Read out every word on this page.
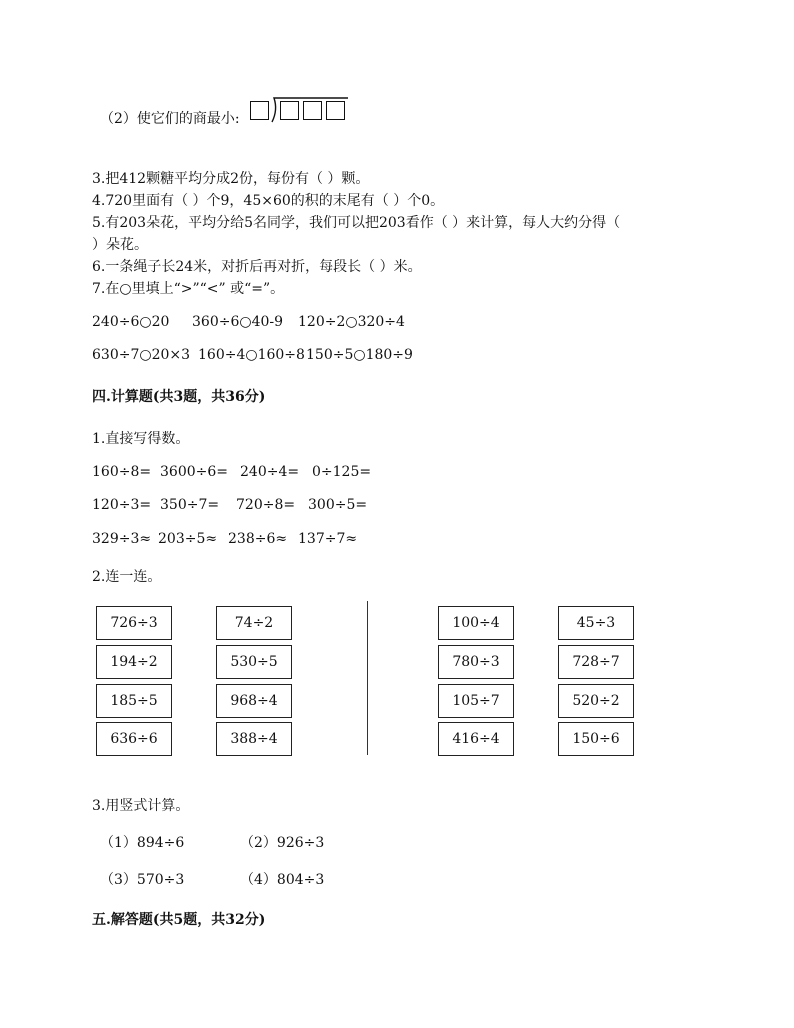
（2）使它们的商最小:
3.把412颗糖平均分成2份，每份有（ ）颗。
4.720里面有（ ）个9，45×60的积的末尾有（ ）个0。
5.有203朵花，平均分给5名同学，我们可以把203看作（ ）来计算，每人大约分得（
）朵花。
6.一条绳子长24米，对折后再对折，每段长（ ）米。
7.在○里填上“>”“<” 或“=”。
240÷6○20 360÷6○40-9 120÷2○320÷4
630÷7○20×3 160÷4○160÷8 150÷5○180÷9
四.计算题(共3题，共36分)
1.直接写得数。
160÷8= 3600÷6= 240÷4= 0÷125=
120÷3= 350÷7= 720÷8= 300÷5=
329÷3≈ 203÷5≈ 238÷6≈ 137÷7≈
2.连一连。
726÷3
194÷2
185÷5
636÷6
74÷2
530÷5
968÷4
388÷4
100÷4
780÷3
105÷7
416÷4
45÷3
728÷7
520÷2
150÷6
3.用竖式计算。
（1）894÷6	（2）926÷3
（3）570÷3	（4）804÷3
五.解答题(共5题，共32分)
